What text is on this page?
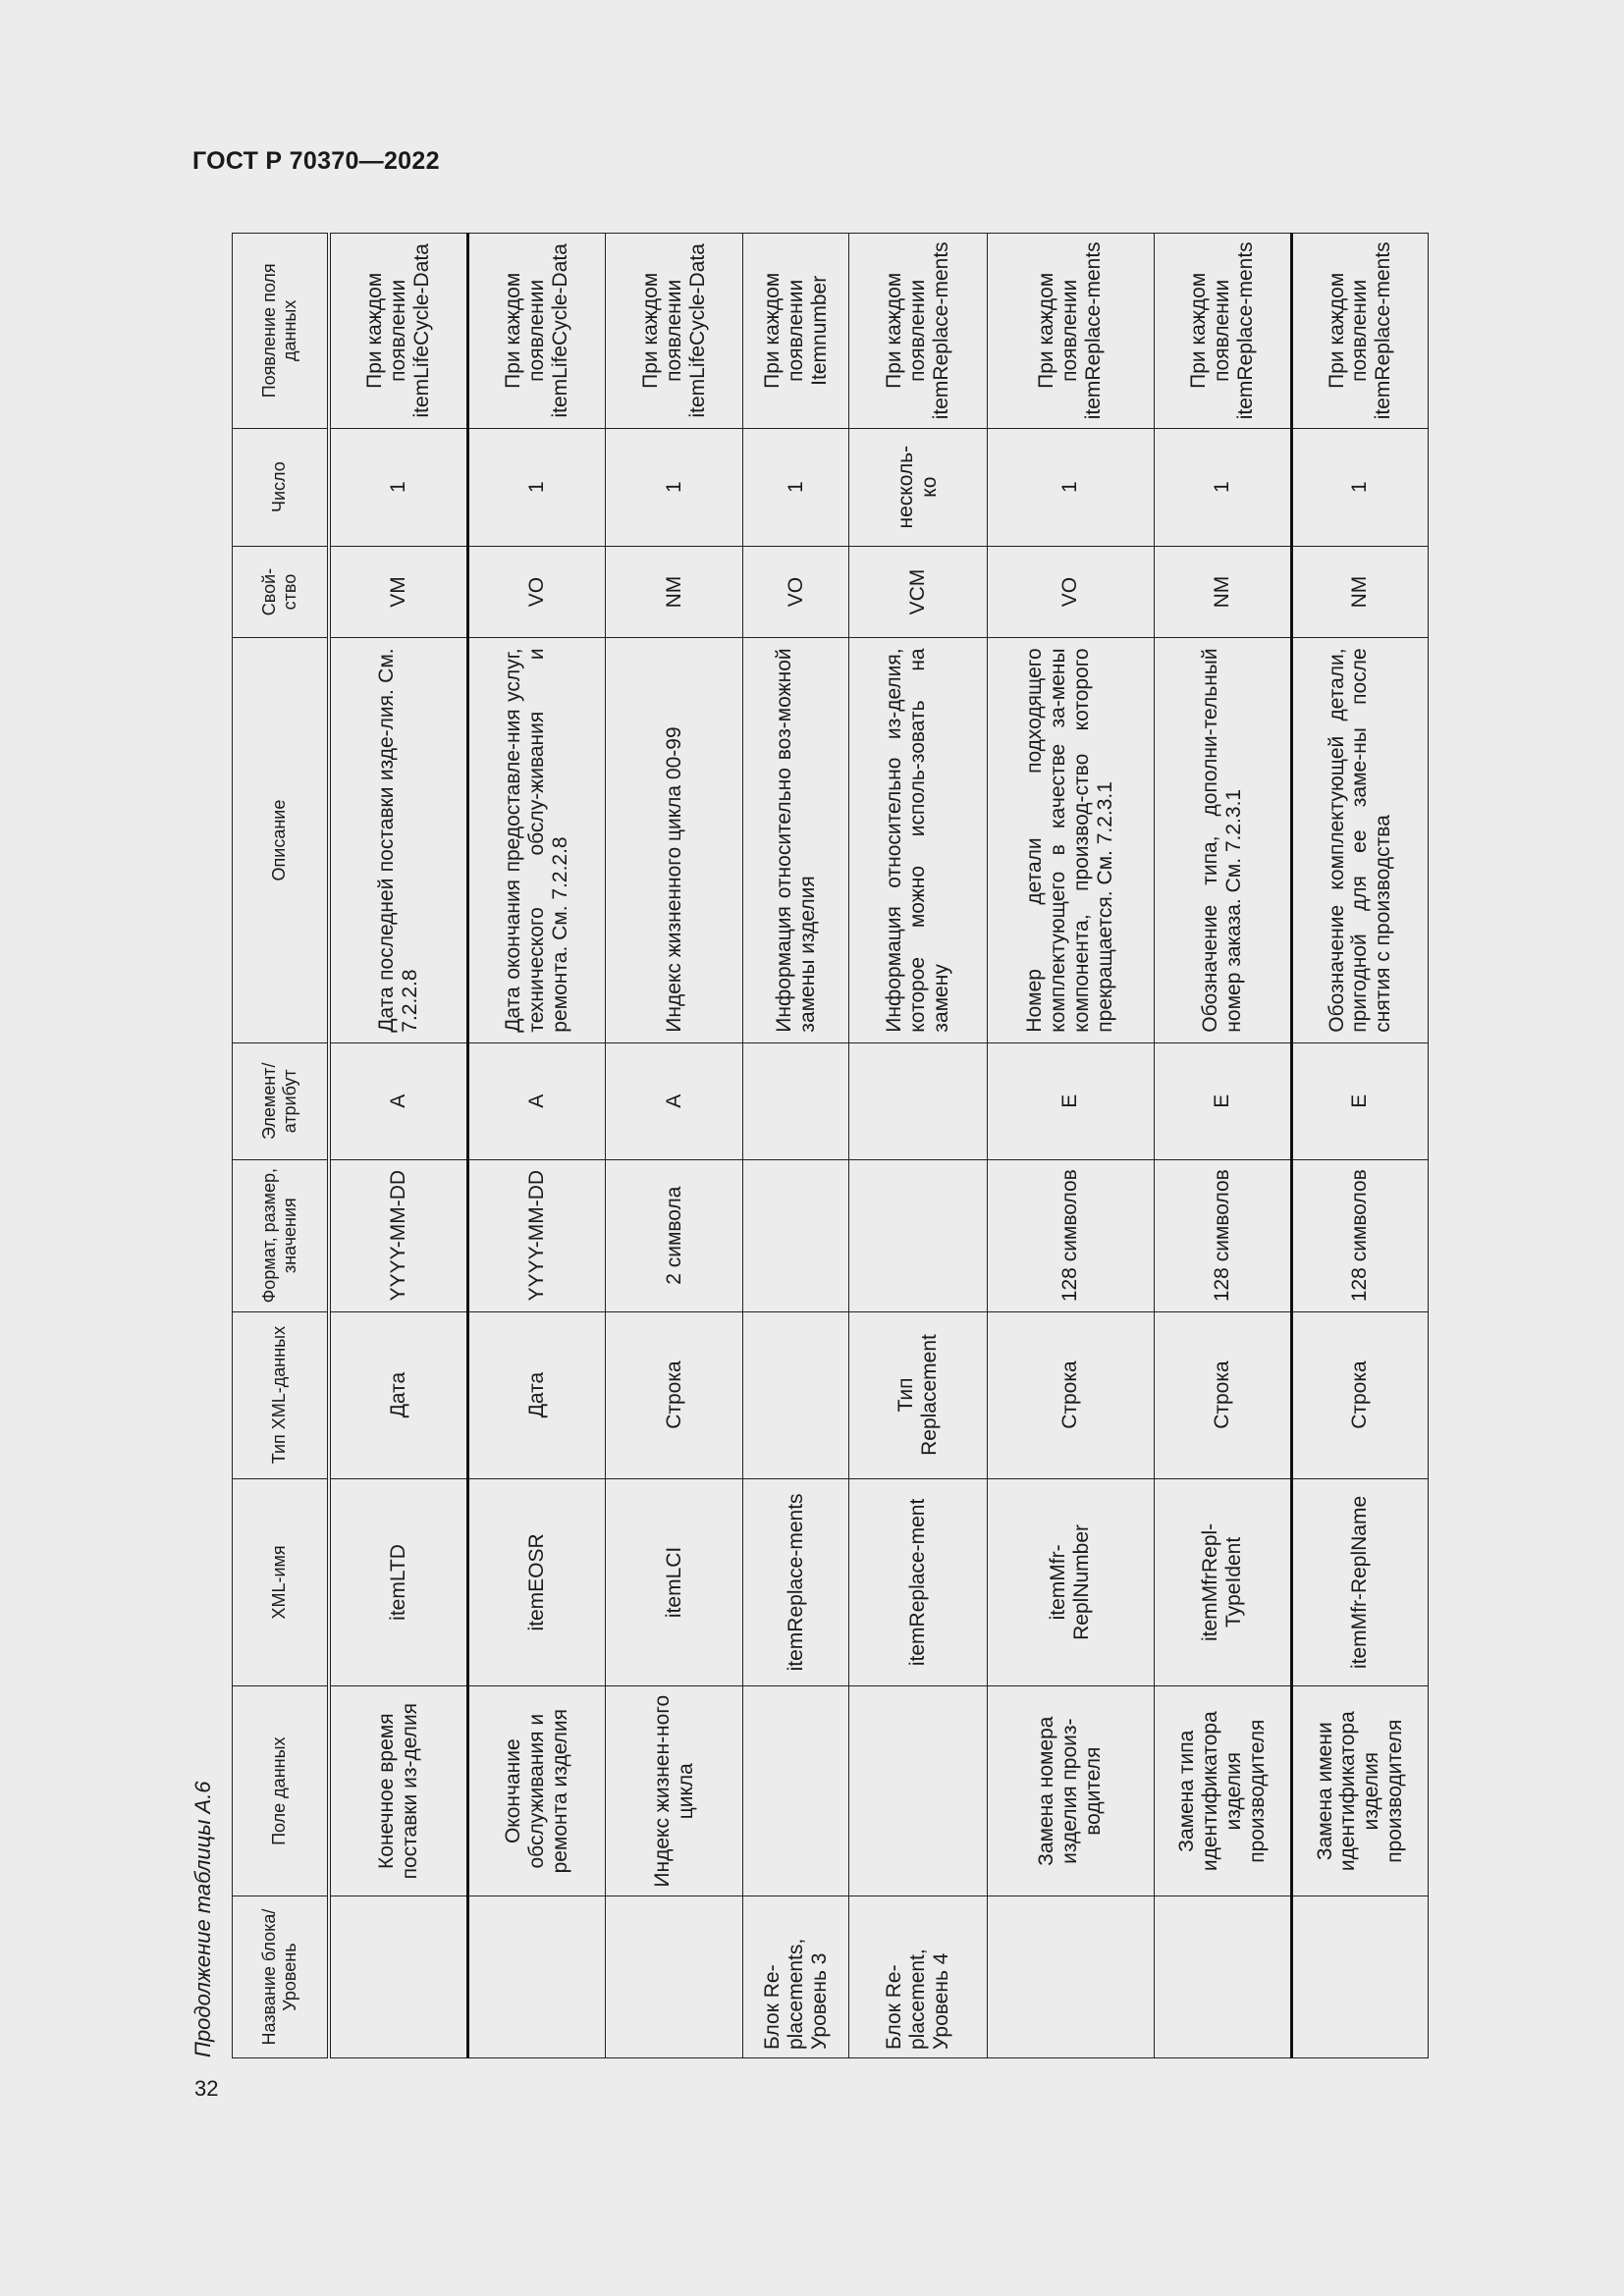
ГОСТ Р 70370—2022
32
Продолжение таблицы А.6	Название блока/ Уровень	Поле данных	XML-имя	Тип XML-данных	Формат, размер, значения	Элемент/ атрибут	Описание	Свой-ство	Число	Появление поля данных
	Конечное время поставки из-делия	itemLTD	Дата	YYYY-MM-DD	A	Дата последней поставки изде-лия. См. 7.2.2.8	VM	1	При каждом появлении itemLifeCycle-Data
	Окончание обслуживания и ремонта изделия	itemEOSR	Дата	YYYY-MM-DD	A	Дата окончания предоставле-ния услуг, технического обслу-живания и ремонта. См. 7.2.2.8	VO	1	При каждом появлении itemLifeCycle-Data
	Индекс жизнен-ного цикла	itemLCI	Строка	2 символа	A	Индекс жизненного цикла 00-99	NM	1	При каждом появлении itemLifeCycle-Data
Блок Re-placements, Уровень 3		itemReplace-ments				Информация относительно воз-можной замены изделия	VO	1	При каждом появлении Itemnumber
Блок Re-placement, Уровень 4		itemReplace-ment	Тип Replacement			Информация относительно из-делия, которое можно исполь-зовать на замену	VCM	несколь-ко	При каждом появлении itemReplace-ments
	Замена номера изделия произ-водителя	itemMfr-ReplNumber	Строка	128 символов	E	Номер детали подходящего комплектующего в качестве за-мены компонента, производ-ство которого прекращается. См. 7.2.3.1	VO	1	При каждом появлении itemReplace-ments
	Замена типа идентификатора изделия производителя	itemMfrRepl-TypeIdent	Строка	128 символов	E	Обозначение типа, дополни-тельный номер заказа. См. 7.2.3.1	NM	1	При каждом появлении itemReplace-ments
	Замена имени идентификатора изделия производителя	itemMfr-ReplName	Строка	128 символов	E	Обозначение комплектующей детали, пригодной для ее заме-ны после снятия с производства	NM	1	При каждом появлении itemReplace-ments
